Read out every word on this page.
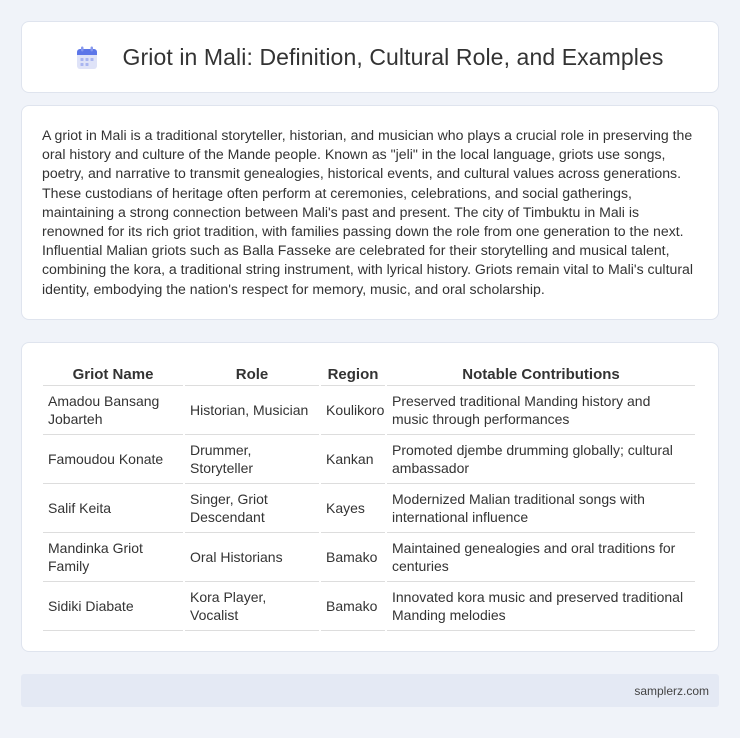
Griot in Mali: Definition, Cultural Role, and Examples

A griot in Mali is a traditional storyteller, historian, and musician who plays a crucial role in preserving the oral history and culture of the Mande people. Known as "jeli" in the local language, griots use songs, poetry, and narrative to transmit genealogies, historical events, and cultural values across generations. These custodians of heritage often perform at ceremonies, celebrations, and social gatherings, maintaining a strong connection between Mali's past and present. The city of Timbuktu in Mali is renowned for its rich griot tradition, with families passing down the role from one generation to the next. Influential Malian griots such as Balla Fasseke are celebrated for their storytelling and musical talent, combining the kora, a traditional string instrument, with lyrical history. Griots remain vital to Mali's cultural identity, embodying the nation's respect for memory, music, and oral scholarship.

Griot Name	Role	Region	Notable Contributions
Amadou Bansang Jobarteh	Historian, Musician	Koulikoro	Preserved traditional Manding history and music through performances
Famoudou Konate	Drummer, Storyteller	Kankan	Promoted djembe drumming globally; cultural ambassador
Salif Keita	Singer, Griot Descendant	Kayes	Modernized Malian traditional songs with international influence
Mandinka Griot Family	Oral Historians	Bamako	Maintained genealogies and oral traditions for centuries
Sidiki Diabate	Kora Player, Vocalist	Bamako	Innovated kora music and preserved traditional Manding melodies
samplerz.com
